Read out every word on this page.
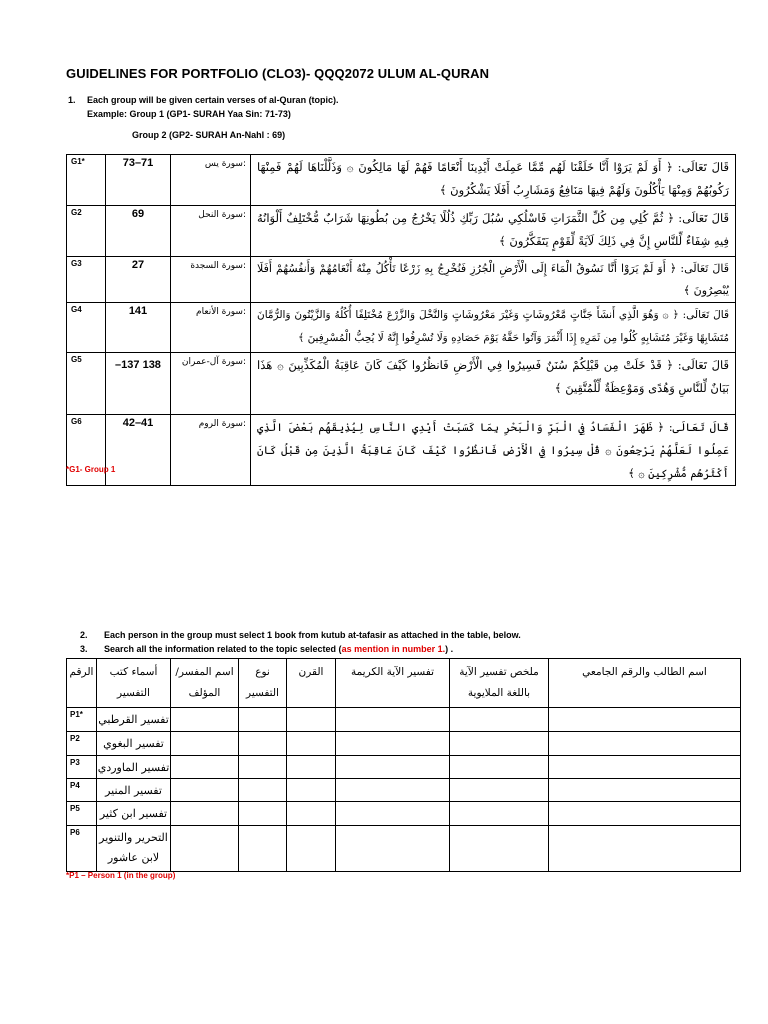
GUIDELINES FOR PORTFOLIO (CLO3)- QQQ2072 ULUM AL-QURAN
1. Each group will be given certain verses of al-Quran (topic).
Example: Group 1 (GP1- SURAH Yaa Sin: 71-73)
Group 2 (GP2- SURAH An-Nahl : 69)
G1*	73–71	سورة يس:	قَالَ تَعَالَى: ﴿ أَوَ لَمْ يَرَوْا أَنَّا خَلَقْنَا لَهُم مِّمَّا عَمِلَتْ أَيْدِينَا أَنْعَامًا فَهُمْ لَهَا مَالِكُونَ ۞ وَذَلَّلْنَاهَا لَهُمْ فَمِنْهَا رَكُوبُهُمْ وَمِنْهَا يَأْكُلُونَ وَلَهُمْ فِيهَا مَنَافِعُ وَمَشَارِبُ أَفَلَا يَشْكُرُونَ ﴾
G2	69	سورة النحل:	قَالَ تَعَالَى: ﴿ ثُمَّ كُلِي مِن كُلِّ الثَّمَرَاتِ فَاسْلُكِي سُبُلَ رَبِّكِ ذُلُلًا يَخْرُجُ مِن بُطُونِهَا شَرَابٌ مُّخْتَلِفٌ أَلْوَانُهُ فِيهِ شِفَاءٌ لِّلنَّاسِ إِنَّ فِي ذَلِكَ لَآيَةً لِّقَوْمٍ يَتَفَكَّرُونَ ﴾
G3	27	سورة السجدة:	قَالَ تَعَالَى: ﴿ أَوَ لَمْ يَرَوْا أَنَّا نَسُوقُ الْمَاءَ إِلَى الْأَرْضِ الْجُرُزِ فَنُخْرِجُ بِهِ زَرْعًا تَأْكُلُ مِنْهُ أَنْعَامُهُمْ وَأَنفُسُهُمْ أَفَلَا يُبْصِرُونَ ﴾
G4	141	سورة الأنعام:	قَالَ تَعَالَى: ﴿ ۞ وَهُوَ الَّذِي أَنشَأَ جَنَّاتٍ مَّعْرُوشَاتٍ وَغَيْرَ مَعْرُوشَاتٍ وَالنَّخْلَ وَالزَّرْعَ مُخْتَلِفًا أُكُلُهُ وَالزَّيْتُونَ وَالرُّمَّانَ مُتَشَابِهًا وَغَيْرَ مُتَشَابِهٍ كُلُوا مِن ثَمَرِهِ إِذَا أَثْمَرَ وَآتُوا حَقَّهُ يَوْمَ حَصَادِهِ وَلَا تُسْرِفُوا إِنَّهُ لَا يُحِبُّ الْمُسْرِفِينَ ﴾
G5	–137 138	سورة آل-عمران:	قَالَ تَعَالَى: ﴿ قَدْ خَلَتْ مِن قَبْلِكُمْ سُنَنٌ فَسِيرُوا فِي الْأَرْضِ فَانظُرُوا كَيْفَ كَانَ عَاقِبَةُ الْمُكَذِّبِينَ ۞ هَذَا بَيَانٌ لِّلنَّاسِ وَهُدًى وَمَوْعِظَةٌ لِّلْمُتَّقِينَ ﴾
G6	42–41	سورة الروم:	قَالَ تَعَالَى: ﴿ ظَهَرَ الْفَسَادُ فِي الْبَرِّ وَالْبَحْرِ بِمَا كَسَبَتْ أَيْدِي النَّاسِ لِيُذِيقَهُم بَعْضَ الَّذِي عَمِلُوا لَعَلَّهُمْ يَرْجِعُونَ ۞ قُلْ سِيرُوا فِي الْأَرْضِ فَانظُرُوا كَيْفَ كَانَ عَاقِبَةُ الَّذِينَ مِن قَبْلُ كَانَ أَكْثَرُهُم مُّشْرِكِينَ ۞ ﴾
*G1- Group 1
2. Each person in the group must select 1 book from kutub at-tafasir as attached in the table, below.
3. Search all the information related to the topic selected (as mention in number 1.) .
الرقم	أسماء كتب التفسير	اسم المفسر/ المؤلف	نوع التفسير	القرن	تفسير الآية الكريمة	ملخص تفسير الآية باللغة الملايوية	اسم الطالب والرقم الجامعي
P1*	تفسير القرطبي						
P2	تفسير البغوي						
P3	تفسير الماوردي						
P4	تفسير المنير						
P5	تفسير ابن كثير						
P6	التحرير والتنوير لابن عاشور						
*P1 – Person 1 (in the group)
